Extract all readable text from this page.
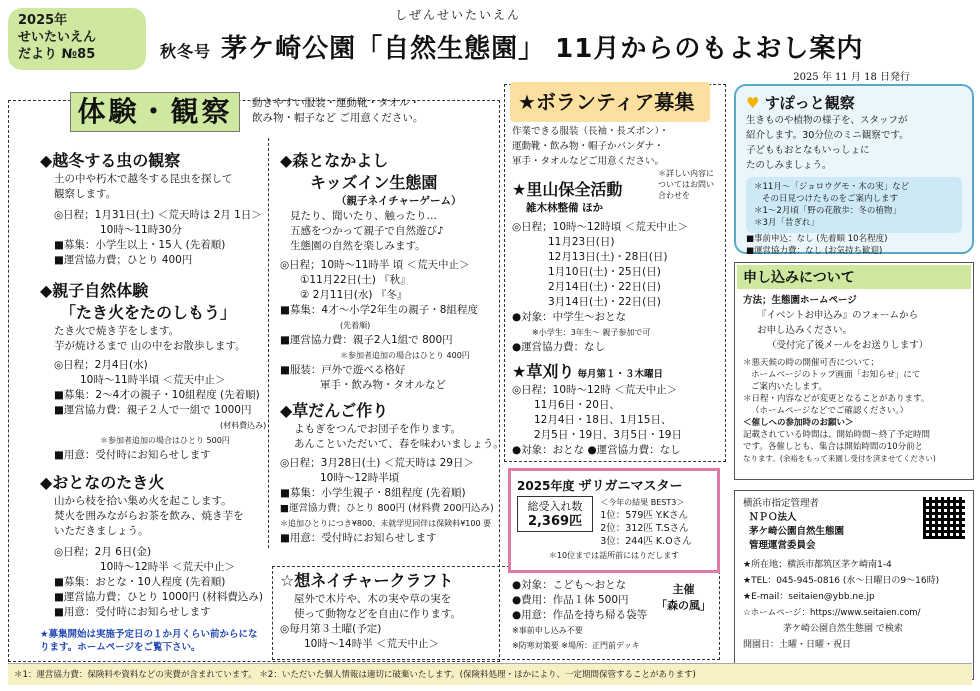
2025年
せいたいえん
だより №85
しぜんせいたいえん
秋冬号 茅ケ崎公園「自然生態園」 11月からのもよおし案内
2025 年 11 月 18 日発行
体験・観察	動きやすい服装・運動靴・タオル・
飲み物・帽子など ご用意ください。
◆越冬する虫の観察
土の中や朽木で越冬する昆虫を探して
観察します。
◎日程；1月31日(土) ＜荒天時は 2月 1日＞
10時〜11時30分
■募集：小学生以上・15人 (先着順)
■運営協力費；ひとり 400円
◆親子自然体験
「たき火をたのしもう」
たき火で焼き芋をします。
芋が焼けるまで 山の中をお散歩します。
◎日程；2月4日(水)
10時〜11時半頃 ＜荒天中止＞
■募集：2〜4才の親子・10組程度 (先着順)
■運営協力費：親子２人で一組で 1000円
(材料費込み)
＊参加者追加の場合はひとり 500円
■用意：受付時にお知らせします
◆おとなのたき火
山から枝を拾い集め火を起こします。
焚火を囲みながらお茶を飲み、焼き芋を
いただきましょう。
◎日程；2月 6日(金)
10時〜12時半 ＜荒天中止＞
■募集：おとな・10人程度 (先着順)
■運営協力費；ひとり 1000円 (材料費込み)
■用意：受付時にお知らせします
★募集開始は実施予定日の１か月くらい前からになります。ホームページをご覧下さい。
◆森となかよし
キッズイン生態園
（親子ネイチャーゲーム）
見たり、聞いたり、触ったり…
五感をつかって親子で自然遊び♪
生態園の自然を楽しみます。
◎日程；10時〜11時半 頃 ＜荒天中止＞
①11月22日(土) 『秋』
② 2月11日(水) 『冬』
■募集：4才〜小学2年生の親子・8組程度
(先着順)
■運営協力費：親子2人1組で 800円
＊参加者追加の場合はひとり 400円
■服装：戸外で遊べる格好
軍手・飲み物・タオルなど
◆草だんご作り
よもぎをつんでお団子を作ります。
あんこといただいて、春を味わいましょう。
◎日程；3月28日(土) ＜荒天時は 29日＞
10時〜12時半頃
■募集：小学生親子・8組程度 (先着順)
■運営協力費；ひとり 800円 (材料費 200円込み)
＊追加ひとりにつき¥800、未就学児同伴は保険料¥100 要
■用意：受付時にお知らせします
☆想ネイチャークラフト
屋外で木片や、木の実や草の実を
使って動物などを自由に作ります。
◎毎月第３土曜(予定)
10時〜14時半 ＜荒天中止＞
●対象：こども〜おとな
●費用：作品１体 500円
●用意：作品を持ち帰る袋等
※事前申し込み不要
※防寒対策要 ※場所：正門前デッキ
主催
「森の風」
★ボランティア募集
作業できる服装（長袖・長ズボン）・
運動靴・飲み物・帽子かバンダナ・
軍手・タオルなどご用意ください。
★里山保全活動
雑木林整備 ほか
◎日程；10時〜12時頃 ＜荒天中止＞
11月23日(日)
12月13日(土)・28日(日)
1月10日(土)・25日(日)
2月14日(土)・22日(日)
3月14日(土)・22日(日)
●対象：中学生〜おとな
※小学生：3年生〜 親子参加で可
●運営協力費：なし
★草刈り 毎月第１・３木曜日
◎日程；10時〜12時 ＜荒天中止＞
11月6日・20日、
12月4日・18日、1月15日、
2月5日・19日、3月5日・19日
●対象：おとな ●運営協力費：なし
＊詳しい内容についてはお問い合わせを
2025年度 ザリガニマスター
総受入れ数
2,369匹

＜今年の結果 BEST3＞
1位：579匹 Y.Kさん
2位：312匹 T.Sさん
3位：244匹 K.Oさん
＊10位までは話所前にはりだします
♥ すぽっと観察
生きものや植物の様子を、スタッフが
紹介します。30分位のミニ観察です。
子どももおとなもいっしょに
たのしみましょう。
＊11月〜「ジョロウグモ・木の実」など
その日見つけたものをご案内します
＊1〜2月頃「野の花散歩：冬の植物」
＊3月「昔ぎれ」
■事前申込：なし (先着順 10名程度)
■運営協力費：なし (お気持ち歓迎)
申し込みについて
方法；生態園ホームページ
『イベントお申込み』のフォームから
お申し込みください。
（受付完了後メールをお送りします）
＊悪天候の時の開催可否について；
ホームページのトップ画面「お知らせ」にて
ご案内いたします。
＊日程・内容などが変更となることがあります。
（ホームページなどでご確認ください。）
＜催しへの参加時のお願い＞
記載されている時間は、開始時間〜終了予定時間
です。各催しとも、集合は開始時間の10分前と
なります。(余裕をもって来園し受付を済ませてください)
横浜市指定管理者
ＮＰＯ法人
茅ケ崎公園自然生態園
管理運営委員会
★所在地；横浜市都筑区茅ケ崎南1-4
★TEL：045-945-0816 (水〜日曜日の9〜16時)
★E-mail：seitaien@ybb.ne.jp
☆ホームページ：https://www.seitaien.com/
茅ケ崎公園自然生態園 で検索
開園日：土曜・日曜・祝日
＊1：運営協力費：保険料や資料などの実費が含まれています。 ＊2：いただいた個人情報は適切に破棄いたします。(保険料処理・ほかにより、一定期間保管することがあります)
